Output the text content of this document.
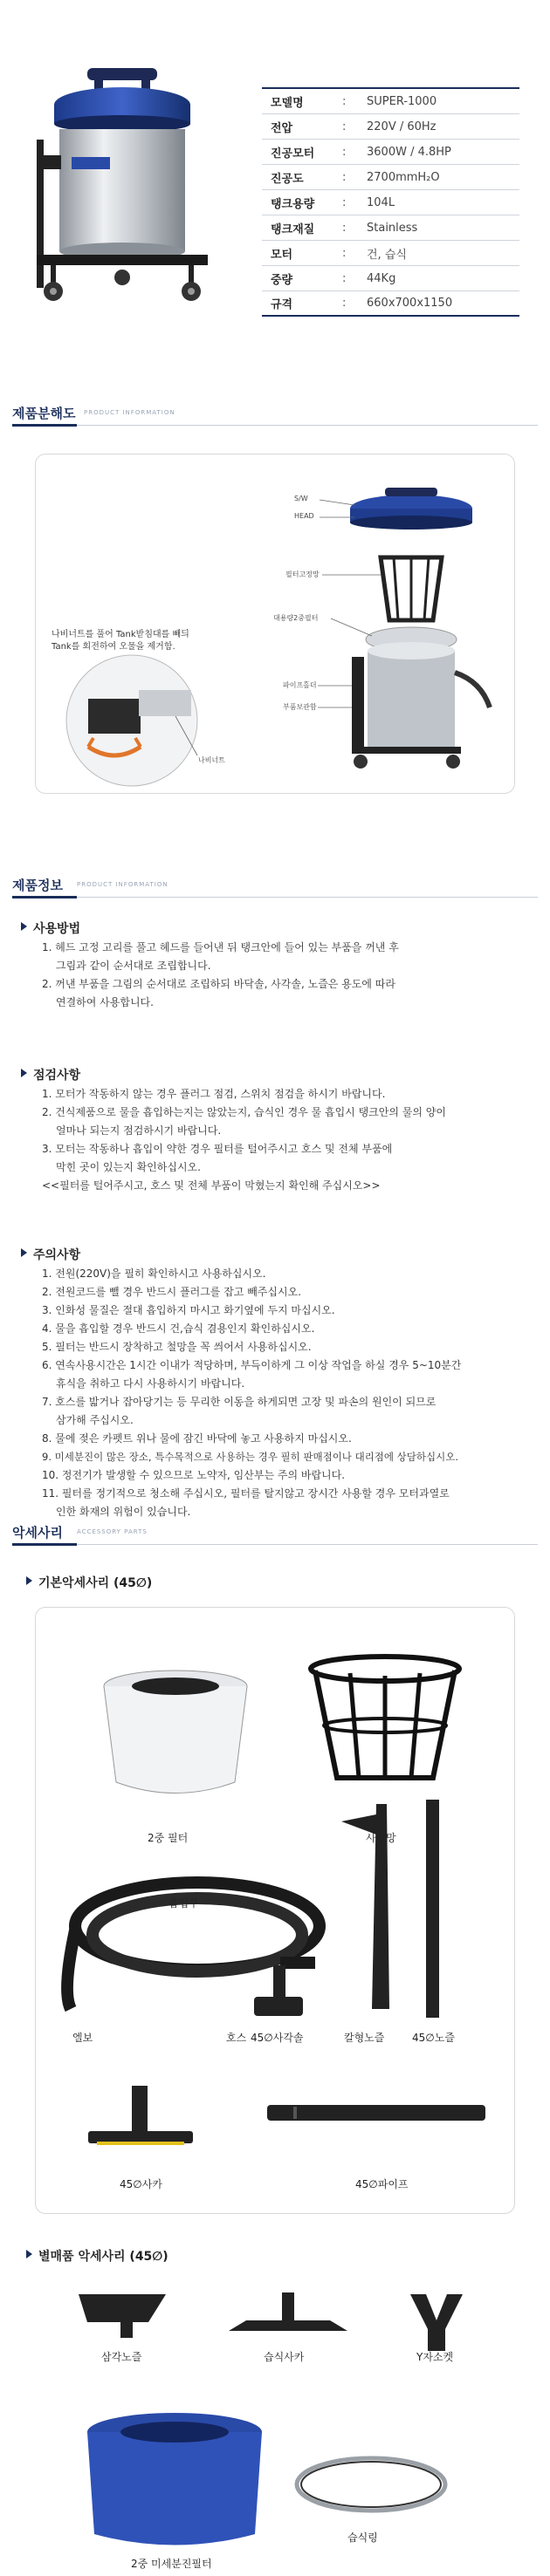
모델명	:	SUPER-1000
전압	:	220V / 60Hz
진공모터	:	3600W / 4.8HP
진공도	:	2700mmH₂O
탱크용량	:	104L
탱크재질	:	Stainless
모터	:	건, 습식
중량	:	44Kg
규격	:	660x700x1150
제품분해도 PRODUCT INFORMATION
S/W
HEAD
필터고정망
대용량2중필터
파이프홀더
부품보관함
나비너트
나비너트를 풀어 Tank받침대를 빼듸 Tank를 회전하여 오물을 제거함.
제품정보 PRODUCT INFORMATION
사용방법
1. 헤드 고정 고리를 풀고 헤드를 들어낸 뒤 탱크안에 들어 있는 부품을 꺼낸 후
그림과 같이 순서대로 조립합니다.
2. 꺼낸 부품을 그림의 순서대로 조립하되 바닥솔, 사각솔, 노즐은 용도에 따라
연결하여 사용합니다.
점검사항
1. 모터가 작동하지 않는 경우 플러그 점검, 스위치 점검을 하시기 바랍니다.
2. 건식제품으로 물을 흡입하는지는 않았는지, 습식인 경우 물 흡입시 탱크안의 물의 양이
얼마나 되는지 점검하시기 바랍니다.
3. 모터는 작동하나 흡입이 약한 경우 필터를 털어주시고 호스 및 전체 부품에
막힌 곳이 있는지 확인하십시오.
<<필터를 털어주시고, 호스 및 전체 부품이 막혔는지 확인해 주십시오>>
주의사항
1. 전원(220V)을 필히 확인하시고 사용하십시오.
2. 전원코드를 뺄 경우 반드시 플러그를 잡고 빼주십시오.
3. 인화성 물질은 절대 흡입하지 마시고 화기옆에 두지 마십시오.
4. 물을 흡입할 경우 반드시 건,습식 겸용인지 확인하십시오.
5. 필터는 반드시 장착하고 철망을 꼭 씌어서 사용하십시오.
6. 연속사용시간은 1시간 이내가 적당하며, 부득이하게 그 이상 작업을 하실 경우 5~10분간
휴식을 취하고 다시 사용하시기 바랍니다.
7. 호스를 밟거나 잡아당기는 등 무리한 이동을 하게되면 고장 및 파손의 원인이 되므로
삼가해 주십시오.
8. 물에 젖은 카펫트 위나 물에 잠긴 바닥에 놓고 사용하지 마십시오.
9. 미세분진이 많은 장소, 특수목적으로 사용하는 경우 필히 판매점이나 대리점에 상담하십시오.
10. 정전기가 발생할 수 있으므로 노약자, 임산부는 주의 바랍니다.
11. 필터를 정기적으로 청소해 주십시오, 필터를 탈지않고 장시간 사용할 경우 모터과열로
인한 화재의 위험이 있습니다.
악세사리 ACCESSORY PARTS
기본악세사리 (45∅)
2중 필터	사출망
흡입구
엘보	호스 45∅사각솔	칼형노즐	45∅노즐
45∅사카	45∅파이프
별매품 악세사리 (45∅)
삼각노즐	습식사카	Y자소켓
2중 미세분진필터
습식링
